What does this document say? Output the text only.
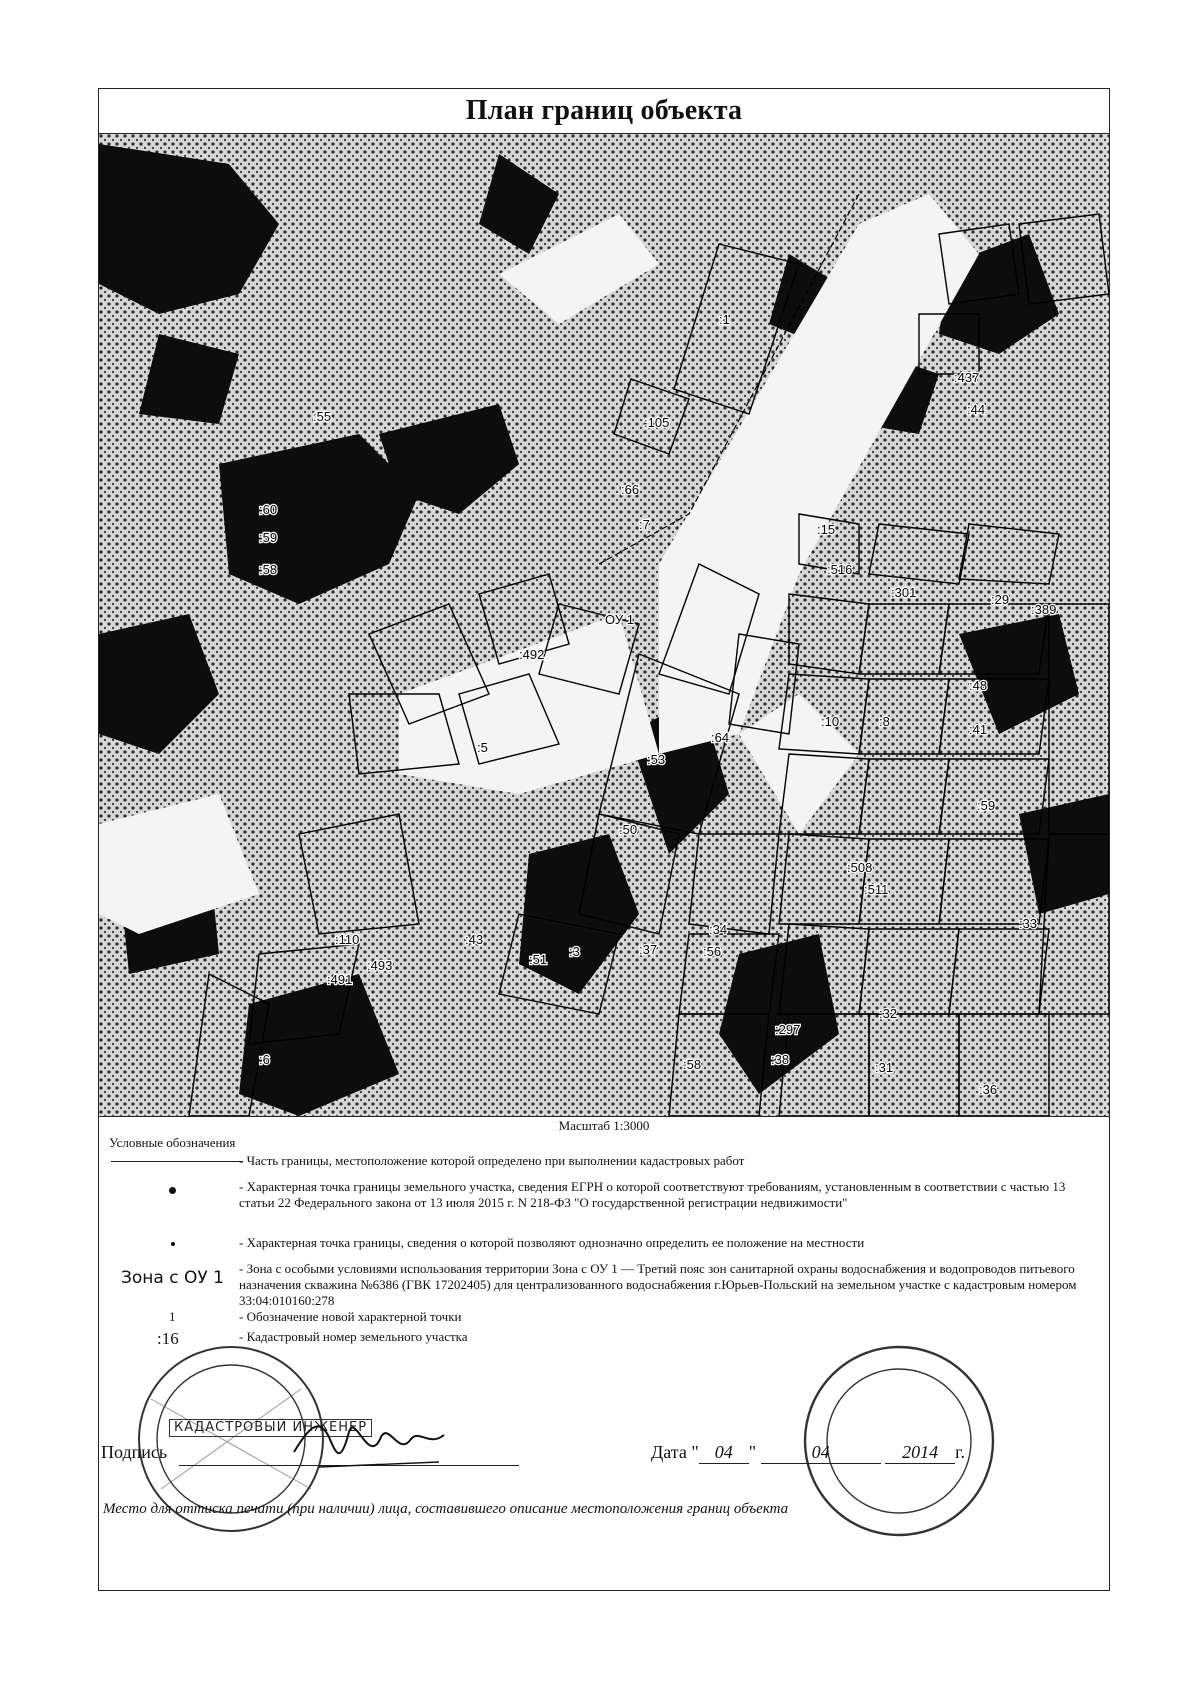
План границ объекта
:1
:105
:66
:7
:492
:5
:53
:50
:51
:6
:491
:110
:493
:516
:301	:29
:389
:437
:44
:508
:511
:32
:31
:36
:38
:297
:58
:56
:34
:64
:10	:8
:41
:48
:59
:33
:43
:55
:60
:59
:58
:37
:3
:15
ОУ 1
Масштаб 1:3000
Условные обозначения
- Часть границы, местоположение которой определено при выполнении кадастровых работ
- Характерная точка границы земельного участка, сведения ЕГРН о которой соответствуют требованиям, установленным в соответствии с частью 13 статьи 22 Федерального закона от 13 июля 2015 г. N 218-ФЗ "О государственной регистрации недвижимости"
- Характерная точка границы, сведения о которой позволяют однозначно определить ее положение на местности
Зона с ОУ 1 - Зона с особыми условиями использования территории Зона с ОУ 1 — Третий пояс зон санитарной охраны водоснабжения и водопроводов питьевого назначения скважина №6386 (ГВК 17202405) для централизованного водоснабжения г.Юрьев-Польский на земельном участке с кадастровым номером 33:04:010160:278
1	- Обозначение новой характерной точки
:16	- Кадастровый номер земельного участка
КАДАСТРОВЫЙ ИНЖЕНЕР
Подпись	Дата " 04 "	04	2014 г.
Место для оттиска печати (при наличии) лица, составившего описание местоположения границ объекта
